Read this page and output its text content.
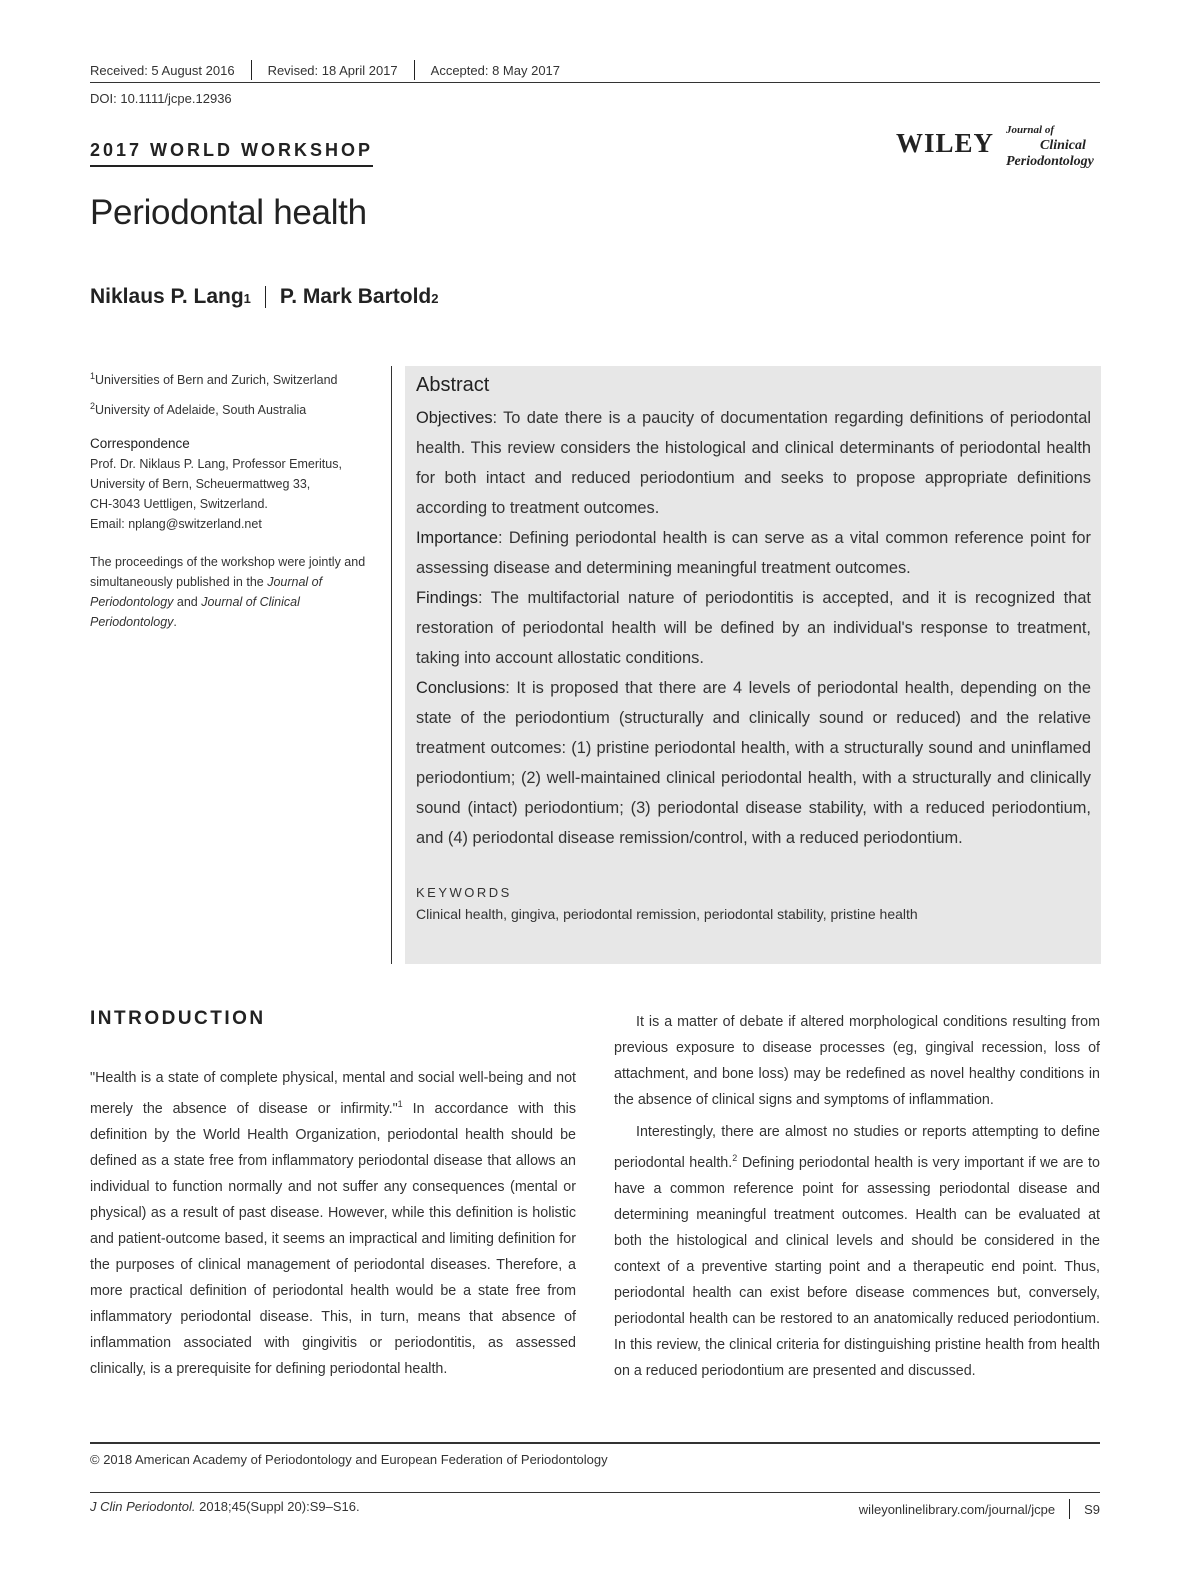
Received: 5 August 2016	Revised: 18 April 2017	Accepted: 8 May 2017
DOI: 10.1111/jcpe.12936
2017 WORLD WORKSHOP	WILEY Journal of
Clinical
Periodontology
Periodontal health
Niklaus P. Lang 1 P. Mark Bartold 2

$^1$Universities of Bern and Zurich, Switzerland

$^2$University of Adelaide, South Australia

Correspondence

Prof. Dr. Niklaus P. Lang, Professor Emeritus,

University of Bern, Scheuermattweg 33,

CH-3043 Uettligen, Switzerland.

Email: nplang@switzerland.net

The proceedings of the workshop were jointly and simultaneously published in the Journal of Periodontology and Journal of Clinical Periodontology.

Abstract

Objectives: To date there is a paucity of documentation regarding definitions of periodontal health. This review considers the histological and clinical determinants of periodontal health for both intact and reduced periodontium and seeks to propose appropriate definitions according to treatment outcomes.

Importance: Defining periodontal health is can serve as a vital common reference point for assessing disease and determining meaningful treatment outcomes.

Findings: The multifactorial nature of periodontitis is accepted, and it is recognized that restoration of periodontal health will be defined by an individual's response to treatment, taking into account allostatic conditions.

Conclusions: It is proposed that there are 4 levels of periodontal health, depending on the state of the periodontium (structurally and clinically sound or reduced) and the relative treatment outcomes: (1) pristine periodontal health, with a structurally sound and uninflamed periodontium; (2) well-maintained clinical periodontal health, with a structurally and clinically sound (intact) periodontium; (3) periodontal disease stability, with a reduced periodontium, and (4) periodontal disease remission/control, with a reduced periodontium.

KEYWORDS
Clinical health, gingiva, periodontal remission, periodontal stability, pristine health
INTRODUCTION

"Health is a state of complete physical, mental and social well-being and not merely the absence of disease or infirmity."$^1$ In accordance with this definition by the World Health Organization, periodontal health should be defined as a state free from inflammatory periodontal disease that allows an individual to function normally and not suffer any consequences (mental or physical) as a result of past disease. However, while this definition is holistic and patient-outcome based, it seems an impractical and limiting definition for the purposes of clinical management of periodontal diseases. Therefore, a more practical definition of periodontal health would be a state free from inflammatory periodontal disease. This, in turn, means that absence of inflammation associated with gingivitis or periodontitis, as assessed clinically, is a prerequisite for defining periodontal health.

It is a matter of debate if altered morphological conditions resulting from previous exposure to disease processes (eg, gingival recession, loss of attachment, and bone loss) may be redefined as novel healthy conditions in the absence of clinical signs and symptoms of inflammation.

Interestingly, there are almost no studies or reports attempting to define periodontal health.$^2$ Defining periodontal health is very important if we are to have a common reference point for assessing periodontal disease and determining meaningful treatment outcomes. Health can be evaluated at both the histological and clinical levels and should be considered in the context of a preventive starting point and a therapeutic end point. Thus, periodontal health can exist before disease commences but, conversely, periodontal health can be restored to an anatomically reduced periodontium. In this review, the clinical criteria for distinguishing pristine health from health on a reduced periodontium are presented and discussed.

© 2018 American Academy of Periodontology and European Federation of Periodontology
J Clin Periodontol. 2018;45(Suppl 20):S9–S16.	wileyonlinelibrary.com/journal/jcpe S9
